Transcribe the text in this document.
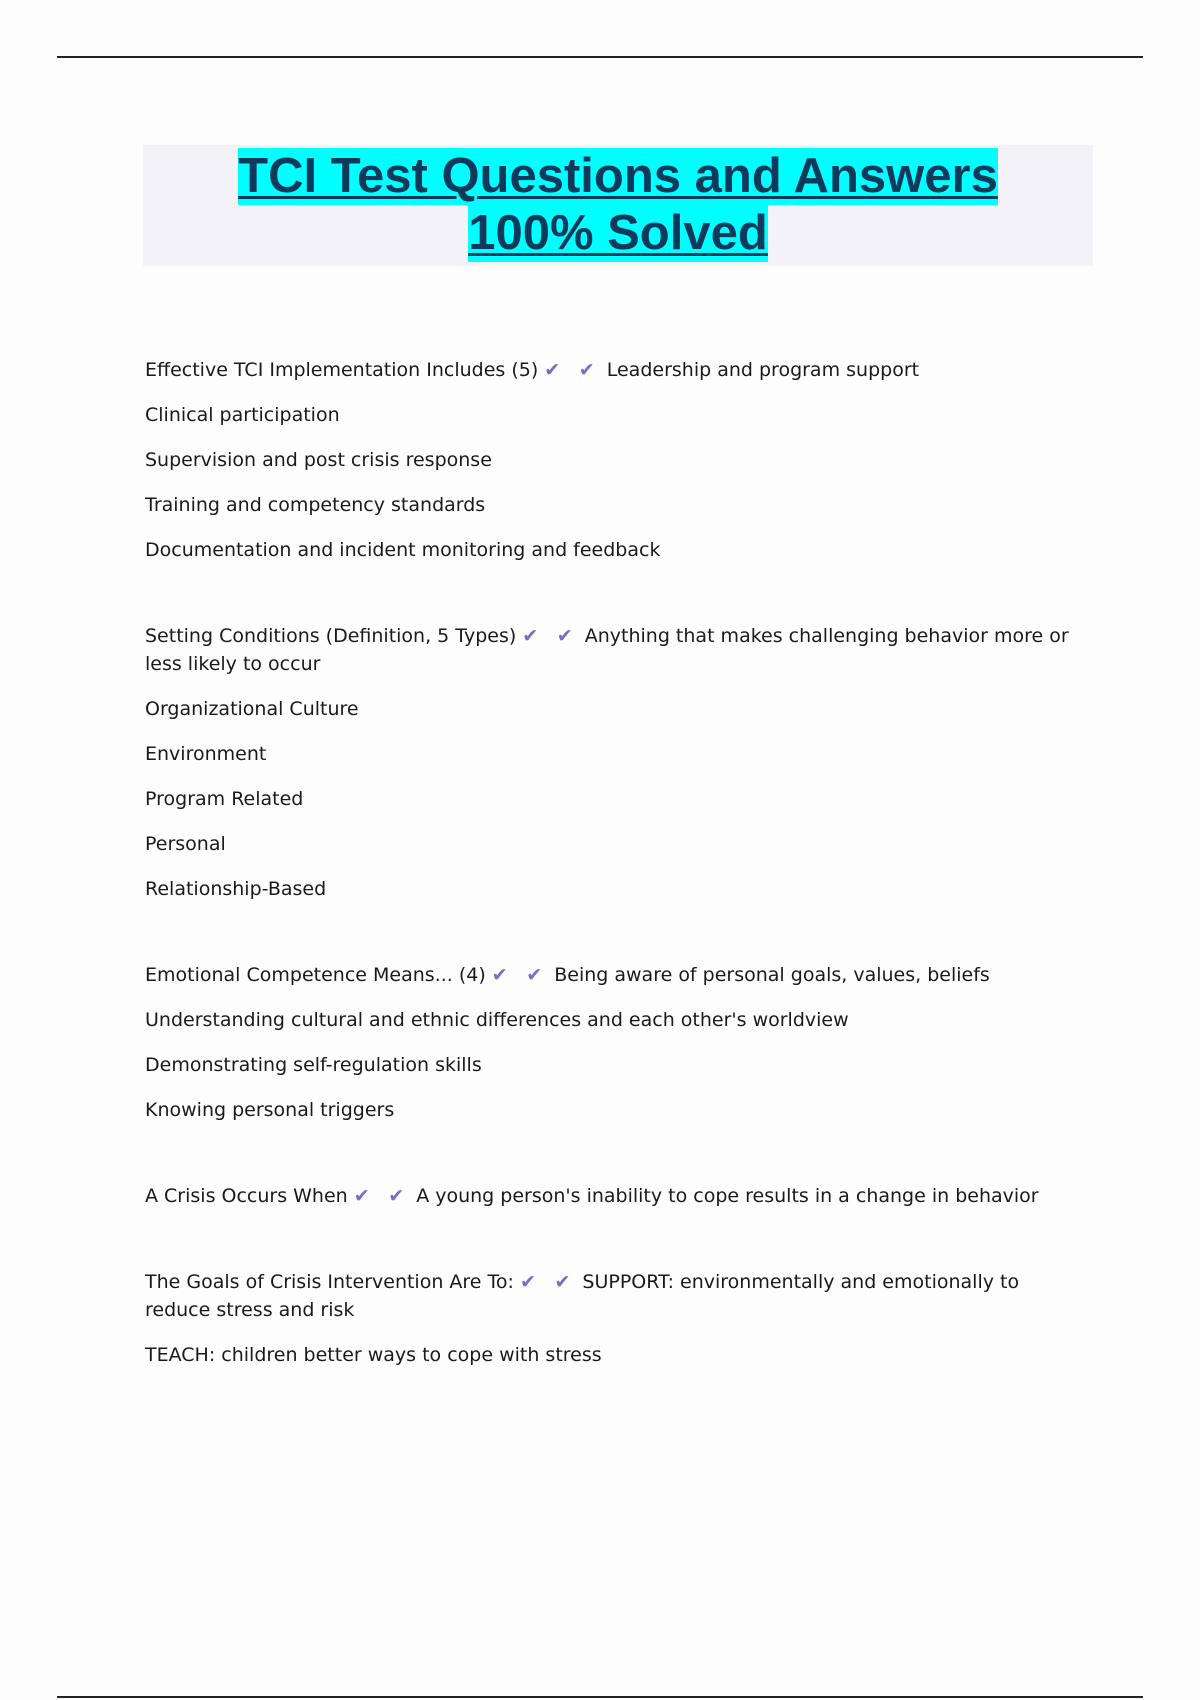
TCI Test Questions and Answers
100% Solved

Effective TCI Implementation Includes (5) ✔ ✔ Leadership and program support

Clinical participation

Supervision and post crisis response

Training and competency standards

Documentation and incident monitoring and feedback

Setting Conditions (Definition, 5 Types) ✔ ✔ Anything that makes challenging behavior more or less likely to occur

Organizational Culture

Environment

Program Related

Personal

Relationship-Based

Emotional Competence Means... (4) ✔ ✔ Being aware of personal goals, values, beliefs

Understanding cultural and ethnic differences and each other's worldview

Demonstrating self-regulation skills

Knowing personal triggers

A Crisis Occurs When ✔ ✔ A young person's inability to cope results in a change in behavior

The Goals of Crisis Intervention Are To: ✔ ✔ SUPPORT: environmentally and emotionally to reduce stress and risk

TEACH: children better ways to cope with stress
